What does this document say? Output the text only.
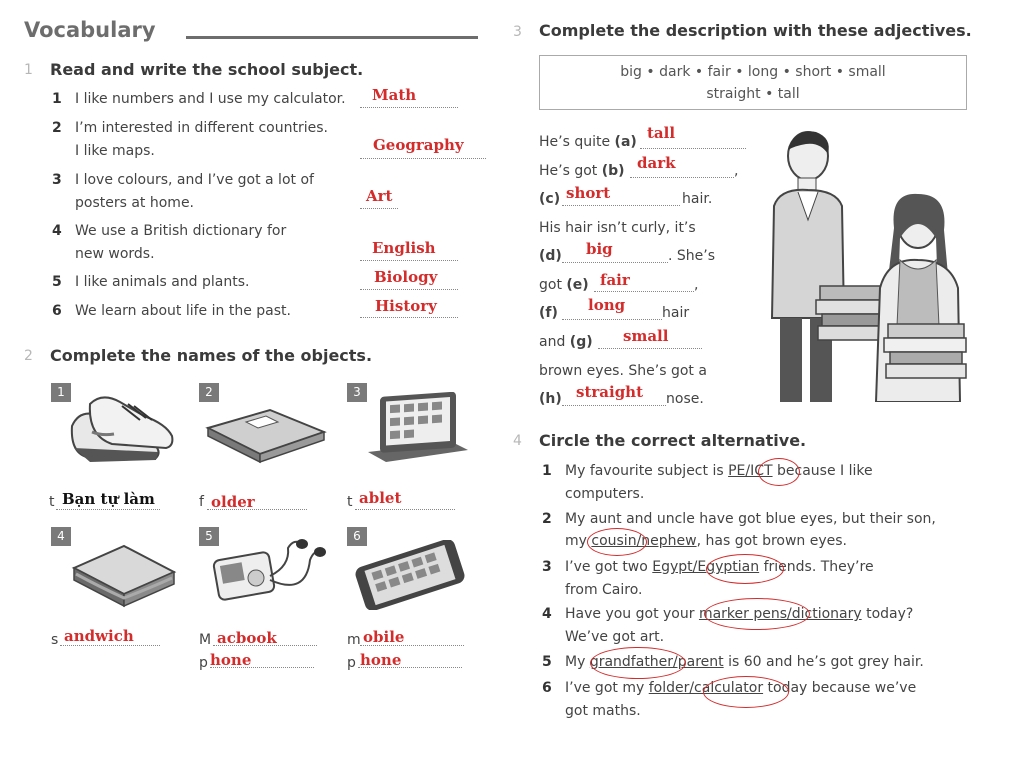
Vocabulary
1 Read and write the school subject.
1 I like numbers and I use my calculator. Math
2 I’m interested in different countries.
I like maps.	Geography
3 I love colours, and I’ve got a lot of
posters at home.	Art
4 We use a British dictionary for
new words.	English
5 I like animals and plants.	Biology
6 We learn about life in the past.	History
2 Complete the names of the objects.
1	2	3
t Bạn tự làm	f older	t ablet
4	5	6
s andwich	M acbook
p hone
m obile
p hone
3 Complete the description with these adjectives.
big • dark • fair • long • short • small
straight • tall
He’s quite (a) tall
He’s got (b)	,
dark
(c)	hair.
short
His hair isn’t curly, it’s
(d)	. She’s
big
got (e)	,
fair
(f)	hair
long
and (g) small
brown eyes. She’s got a
(h)	nose.
straight
4 Circle the correct alternative.
1 My favourite subject is PE/ICT because I like
computers.
2 My aunt and uncle have got blue eyes, but their son,
my cousin/nephew, has got brown eyes.
3 I’ve got two Egypt/Egyptian friends. They’re
from Cairo.
4 Have you got your marker pens/dictionary today?
We’ve got art.
5 My grandfather/parent is 60 and he’s got grey hair.
6 I’ve got my folder/calculator today because we’ve
got maths.
